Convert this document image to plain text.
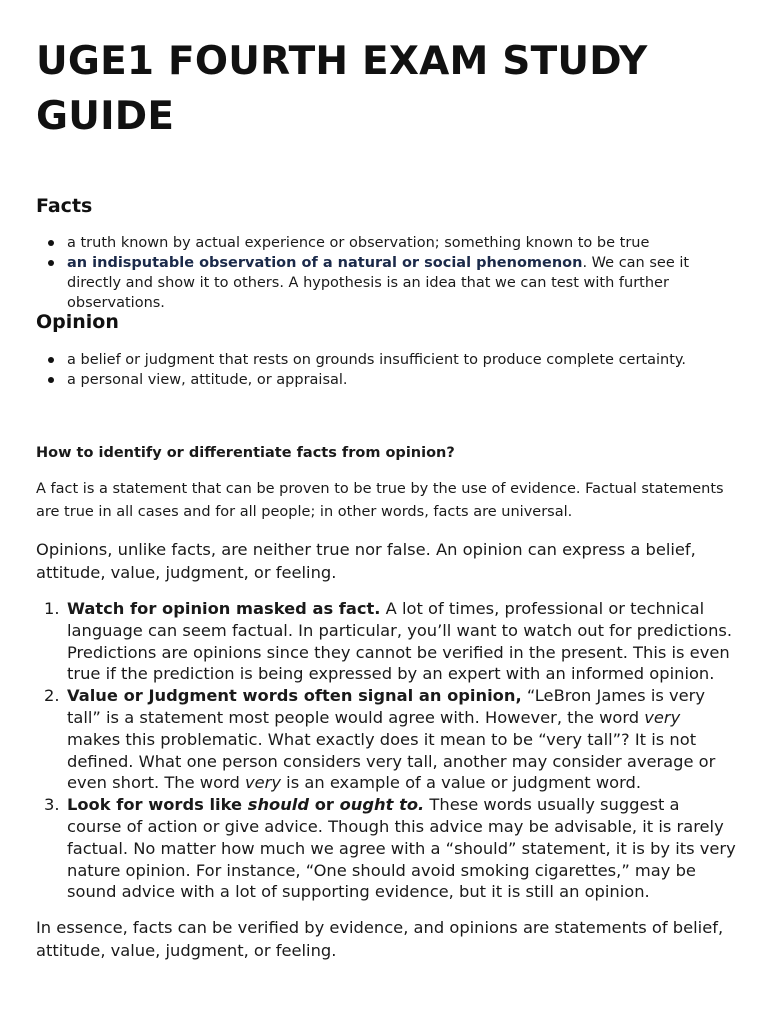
UGE1 FOURTH EXAM STUDY GUIDE
Facts
a truth known by actual experience or observation; something known to be true
an indisputable observation of a natural or social phenomenon. We can see it directly and show it to others. A hypothesis is an idea that we can test with further observations.
Opinion
a belief or judgment that rests on grounds insufficient to produce complete certainty.
a personal view, attitude, or appraisal.

How to identify or differentiate facts from opinion?

A fact is a statement that can be proven to be true by the use of evidence. Factual statements are true in all cases and for all people; in other words, facts are universal.

Opinions, unlike facts, are neither true nor false. An opinion can express a belief, attitude, value, judgment, or feeling.

1. Watch for opinion masked as fact. A lot of times, professional or technical language can seem factual. In particular, you’ll want to watch out for predictions. Predictions are opinions since they cannot be verified in the present. This is even true if the prediction is being expressed by an expert with an informed opinion.
2. Value or Judgment words often signal an opinion, “LeBron James is very tall” is a statement most people would agree with. However, the word very makes this problematic. What exactly does it mean to be “very tall”? It is not defined. What one person considers very tall, another may consider average or even short. The word very is an example of a value or judgment word.
3. Look for words like should or ought to. These words usually suggest a course of action or give advice. Though this advice may be advisable, it is rarely factual. No matter how much we agree with a “should” statement, it is by its very nature opinion. For instance, “One should avoid smoking cigarettes,” may be sound advice with a lot of supporting evidence, but it is still an opinion.

In essence, facts can be verified by evidence, and opinions are statements of belief, attitude, value, judgment, or feeling.
